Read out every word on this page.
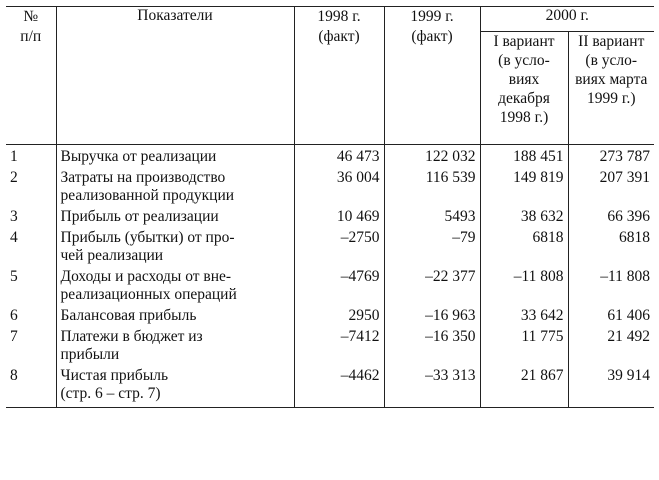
№ п/п	Показатели	1998 г. (факт)	1999 г. (факт)	2000 г.	

				I вариант (в усло- виях декабря 1998 г.)	II вариант (в усло- виях марта 1999 г.)

1	Выручка от реализации	46 473	122 032	188 451	273 787
2	Затраты на производство
реализованной продукции	36 004	116 539	149 819	207 391
3	Прибыль от реализации	10 469	5493	38 632	66 396
4	Прибыль (убытки) от про-
чей реализации	–2750	–79	6818	6818
5	Доходы и расходы от вне-
реализационных операций	–4769	–22 377	–11 808	–11 808
6	Балансовая прибыль	2950	–16 963	33 642	61 406
7	Платежи в бюджет из
прибыли	–7412	–16 350	11 775	21 492
8	Чистая прибыль
(стр. 6 – стр. 7)	–4462	–33 313	21 867	39 914
